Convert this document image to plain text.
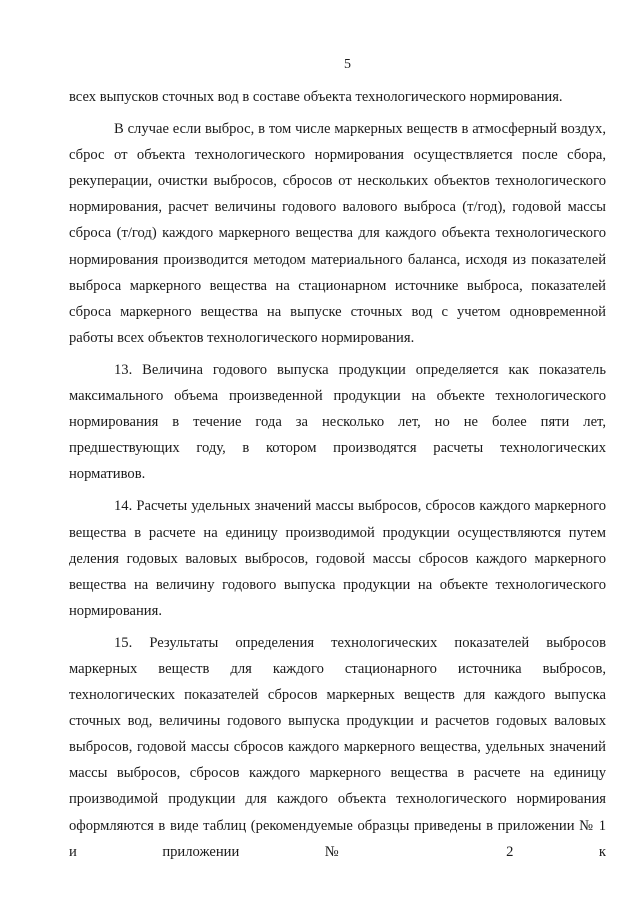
5

всех выпусков сточных вод в составе объекта технологического нормирования.

В случае если выброс, в том числе маркерных веществ в атмосферный воздух, сброс от объекта технологического нормирования осуществляется после сбора, рекуперации, очистки выбросов, сбросов от нескольких объектов технологического нормирования, расчет величины годового валового выброса (т/год), годовой массы сброса (т/год) каждого маркерного вещества для каждого объекта технологического нормирования производится методом материального баланса, исходя из показателей выброса маркерного вещества на стационарном источнике выброса, показателей сброса маркерного вещества на выпуске сточных вод с учетом одновременной работы всех объектов технологического нормирования.

13. Величина годового выпуска продукции определяется как показатель максимального объема произведенной продукции на объекте технологического нормирования в течение года за несколько лет, но не более пяти лет, предшествующих году, в котором производятся расчеты технологических нормативов.

14. Расчеты удельных значений массы выбросов, сбросов каждого маркерного вещества в расчете на единицу производимой продукции осуществляются путем деления годовых валовых выбросов, годовой массы сбросов каждого маркерного вещества на величину годового выпуска продукции на объекте технологического нормирования.

15. Результаты определения технологических показателей выбросов маркерных веществ для каждого стационарного источника выбросов, технологических показателей сбросов маркерных веществ для каждого выпуска сточных вод, величины годового выпуска продукции и расчетов годовых валовых выбросов, годовой массы сбросов каждого маркерного вещества, удельных значений массы выбросов, сбросов каждого маркерного вещества в расчете на единицу производимой продукции для каждого объекта технологического нормирования оформляются в виде таблиц (рекомендуемые образцы приведены в приложении № 1 и приложении № 2 к
